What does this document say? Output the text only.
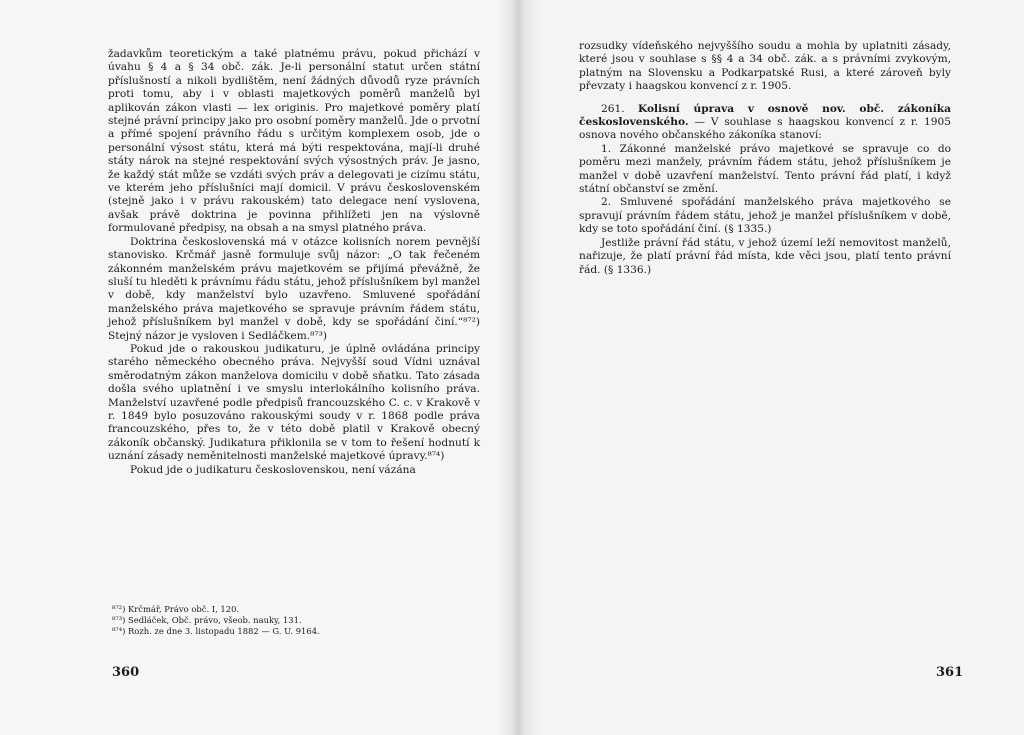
žadavkům teoretickým a také platnému právu, pokud přichází v úvahu § 4 a § 34 obč. zák. Je-li personální statut určen státní příslušností a nikoli bydlištěm, není žádných důvodů ryze právních proti tomu, aby i v oblasti majetkových poměrů manželů byl aplikován zákon vlasti — lex originis. Pro majetkové poměry platí stejné právní principy jako pro osobní poměry manželů. Jde o prvotní a přímé spojení právního řádu s určitým komplexem osob, jde o personální výsost státu, která má býti respektována, mají-li druhé státy nárok na stejné respektování svých výsostných práv. Je jasno, že každý stát může se vzdáti svých práv a delegovati je cizímu státu, ve kterém jeho příslušníci mají domicil. V právu československém (stejně jako i v právu rakouském) tato delegace není vyslovena, avšak právě doktrina je povinna přihlížeti jen na výslovně formulované předpisy, na obsah a na smysl platného práva.

Doktrina československá má v otázce kolisních norem pevnější stanovisko. Krčmář jasně formuluje svůj názor: „O tak řečeném zákonném manželském právu majetkovém se přijímá převážně, že sluší tu hleděti k právnímu řádu státu, jehož příslušníkem byl manžel v době, kdy manželství bylo uzavřeno. Smluvené spořádání manželského práva majetkového se spravuje právním řádem státu, jehož příslušníkem byl manžel v době, kdy se spořádání činí.“⁸⁷²) Stejný názor je vysloven i Sedláčkem.⁸⁷³)

Pokud jde o rakouskou judikaturu, je úplně ovládána principy starého německého obecného práva. Nejvyšší soud Vídni uznával směrodatným zákon manželova domicilu v době sňatku. Tato zásada došla svého uplatnění i ve smyslu interlokálního kolisního práva. Manželství uzavřené podle předpisů francouzského C. c. v Krakově v r. 1849 bylo posuzováno rakouskými soudy v r. 1868 podle práva francouzského, přes to, že v této době platil v Krakově obecný zákoník občanský. Judikatura přiklonila se v tom to řešení hodnutí k uznání zásady neměnitelnosti manželské majetkové úpravy.⁸⁷⁴)

Pokud jde o judikaturu československou, není vázána

⁸⁷²) Krčmář, Právo obč. I, 120.
⁸⁷³) Sedláček, Obč. právo, všeob. nauky, 131.
⁸⁷⁴) Rozh. ze dne 3. listopadu 1882 — G. U. 9164.
360

rozsudky vídeňského nejvyššího soudu a mohla by uplatniti zásady, které jsou v souhlase s §§ 4 a 34 obč. zák. a s právními zvykovým, platným na Slovensku a Podkarpatské Rusi, a které zároveň byly převzaty i haagskou konvencí z r. 1905.

261. Kolisní úprava v osnově nov. obč. zákoníka československého. — V souhlase s haagskou konvencí z r. 1905 osnova nového občanského zákoníka stanoví:

1. Zákonné manželské právo majetkové se spravuje co do poměru mezi manžely, právním řádem státu, jehož příslušníkem je manžel v době uzavření manželství. Tento právní řád platí, i když státní občanství se změní.

2. Smluvené spořádání manželského práva majetkového se spravují právním řádem státu, jehož je manžel příslušníkem v době, kdy se toto spořádání činí. (§ 1335.)

Jestliže právní řád státu, v jehož území leží nemovitost manželů, nařizuje, že platí právní řád místa, kde věci jsou, platí tento právní řád. (§ 1336.)

361
